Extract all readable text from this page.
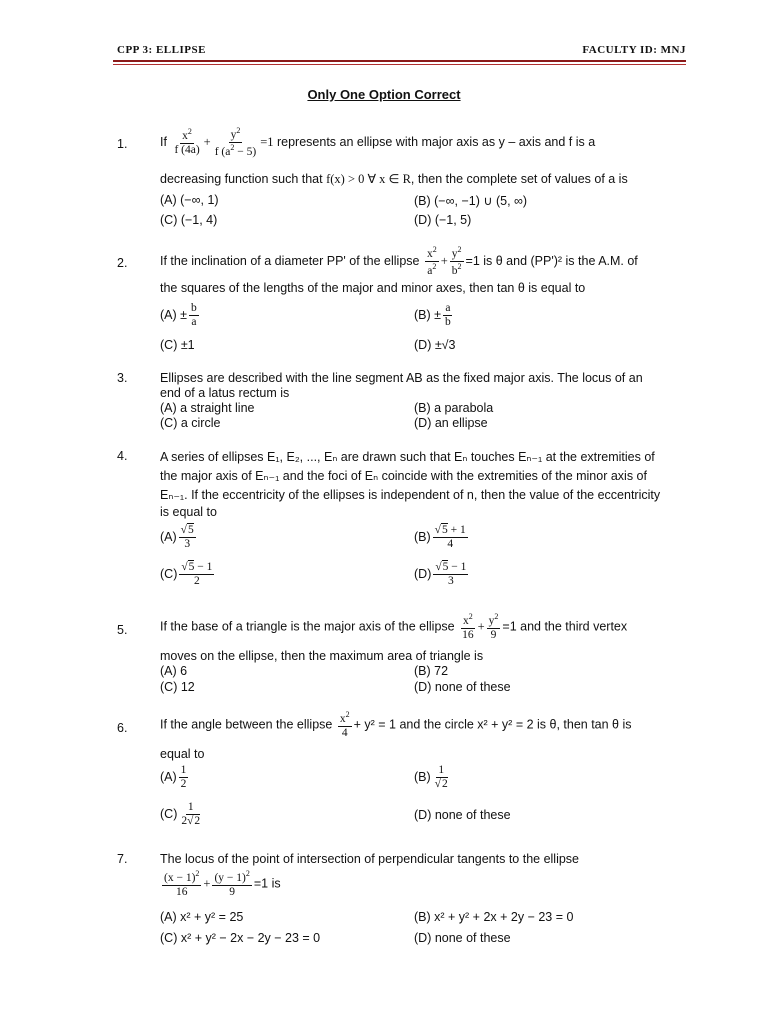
CPP 3: ELLIPSE	FACULTY ID: MNJ
Only One Option Correct
1.	If $\frac{x^2}{f (4a)} + \frac{y^2}{f (a^2 - 5)} =1$ represents an ellipse with major axis as y – axis and f is a
decreasing function such that f(x) > 0 ∀ x ∈ R, then the complete set of values of a is
(A) (−∞, 1)	(B) (−∞, −1) ∪ (5, ∞)
(C) (−1, 4)	(D) (−1, 5)
2.	If the inclination of a diameter PP' of the ellipse $\frac{x^2}{a^2} + \frac{y^2}{b^2} =1$ is θ and (PP')² is the A.M. of
the squares of the lengths of the major and minor axes, then tan θ is equal to
$(A) \pm \frac{b}{a}$	$(B) \pm \frac{a}{b}$
(C) ±1	(D) ±√3
3.	Ellipses are described with the line segment AB as the fixed major axis. The locus of an
end of a latus rectum is
(A) a straight line	(B) a parabola
(C) a circle	(D) an ellipse
4.	A series of ellipses E₁, E₂, ..., Eₙ are drawn such that Eₙ touches Eₙ₋₁ at the extremities of
the major axis of Eₙ₋₁ and the foci of Eₙ coincide with the extremities of the minor axis of
Eₙ₋₁. If the eccentricity of the ellipses is independent of n, then the value of the eccentricity
is equal to
$(A) \frac{√5}{3}$	$(B) \frac{√5 + 1}{4}$
$(C) \frac{√5 - 1}{2}$	$(D) \frac{√5 - 1}{3}$
5.	If the base of a triangle is the major axis of the ellipse $\frac{x^2}{16} + \frac{y^2}{9} =1$ and the third vertex
moves on the ellipse, then the maximum area of triangle is
(A) 6	(B) 72
(C) 12	(D) none of these
6.	If the angle between the ellipse $\frac{x^2}{4} + y^2 = 1$ and the circle x² + y² = 2 is θ, then tan θ is
equal to
$(A) \frac{1}{2}$	$(B) \frac{1}{√2}$
$(C) \frac{1}{2√2}$	(D) none of these
7.	The locus of the point of intersection of perpendicular tangents to the ellipse
$\frac{(x - 1)^2}{16} + \frac{(y - 1)^2}{9} =1$ is
(A) x² + y² = 25	(B) x² + y² + 2x + 2y − 23 = 0
(C) x² + y² − 2x − 2y − 23 = 0	(D) none of these
